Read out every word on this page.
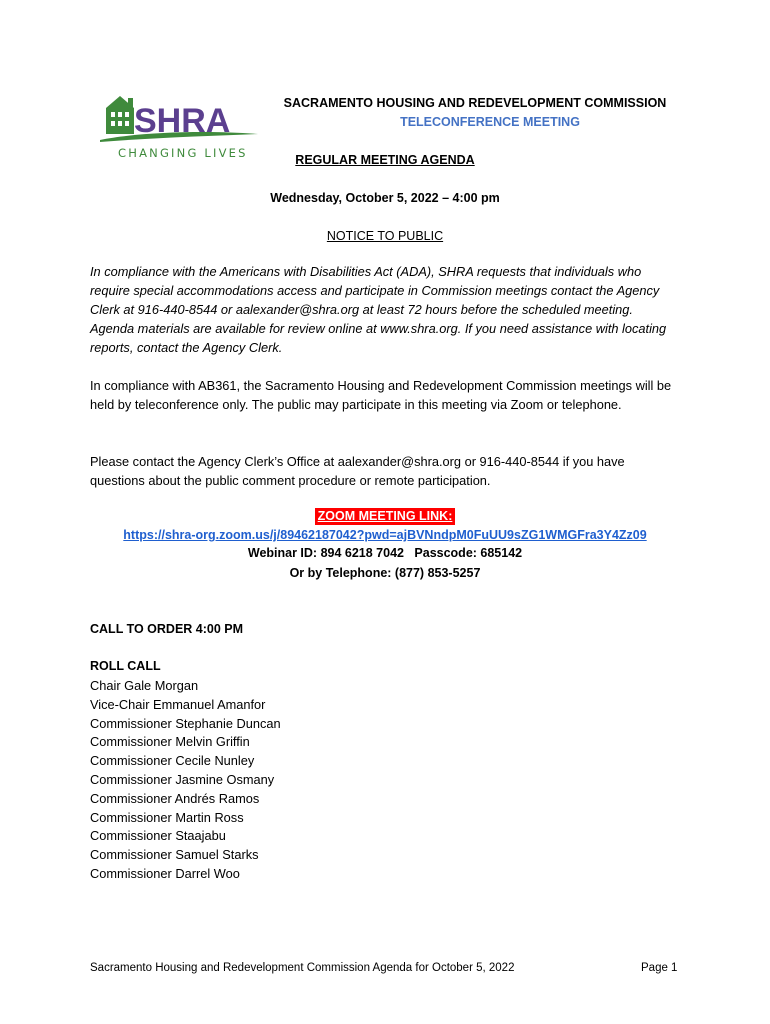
SHRA
CHANGING LIVES
SACRAMENTO HOUSING AND REDEVELOPMENT COMMISSION
TELECONFERENCE MEETING
REGULAR MEETING AGENDA
Wednesday, October 5, 2022 – 4:00 pm
NOTICE TO PUBLIC
In compliance with the Americans with Disabilities Act (ADA), SHRA requests that individuals who require special accommodations access and participate in Commission meetings contact the Agency Clerk at 916-440-8544 or aalexander@shra.org at least 72 hours before the scheduled meeting. Agenda materials are available for review online at www.shra.org. If you need assistance with locating reports, contact the Agency Clerk.
In compliance with AB361, the Sacramento Housing and Redevelopment Commission meetings will be held by teleconference only. The public may participate in this meeting via Zoom or telephone.
Please contact the Agency Clerk’s Office at aalexander@shra.org or 916-440-8544 if you have questions about the public comment procedure or remote participation.
ZOOM MEETING LINK:
https://shra-org.zoom.us/j/89462187042?pwd=ajBVNndpM0FuUU9sZG1WMGFra3Y4Zz09
Webinar ID: 894 6218 7042   Passcode: 685142
Or by Telephone: (877) 853-5257
CALL TO ORDER 4:00 PM
ROLL CALL
Chair Gale Morgan
Vice-Chair Emmanuel Amanfor
Commissioner Stephanie Duncan
Commissioner Melvin Griffin
Commissioner Cecile Nunley
Commissioner Jasmine Osmany
Commissioner Andrés Ramos
Commissioner Martin Ross
Commissioner Staajabu
Commissioner Samuel Starks
Commissioner Darrel Woo
Sacramento Housing and Redevelopment Commission Agenda for October 5, 2022	Page 1
